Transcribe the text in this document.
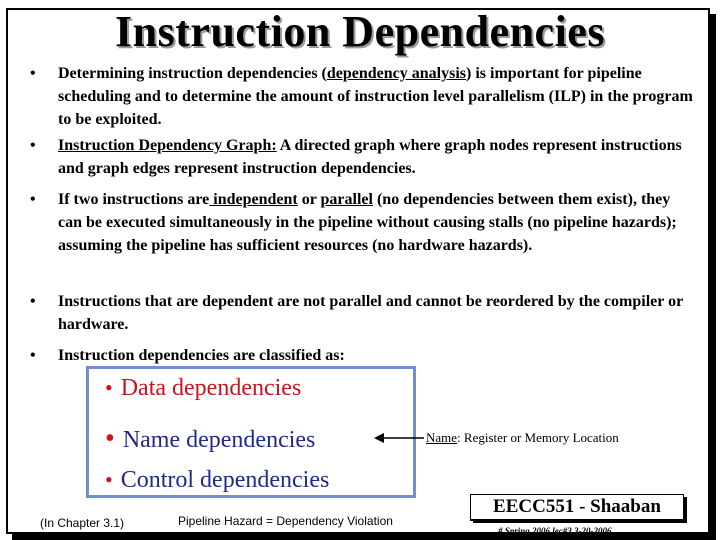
Instruction Dependencies
•	Determining instruction dependencies (dependency analysis) is important for pipeline scheduling and to determine the amount of instruction level parallelism (ILP) in the program to be exploited.
•	Instruction Dependency Graph: A directed graph where graph nodes represent instructions and graph edges represent instruction dependencies.
•	If two instructions are independent or parallel (no dependencies between them exist), they can be executed simultaneously in the pipeline without causing stalls (no pipeline hazards); assuming the pipeline has sufficient resources (no hardware hazards).
•	Instructions that are dependent are not parallel and cannot be reordered by the compiler or hardware.
•	Instruction dependencies are classified as:
• Data dependencies
• Name dependencies
• Control dependencies
Name: Register or Memory Location
(In Chapter 3.1)	Pipeline Hazard = Dependency Violation
EECC551 - Shaaban
# Spring 2006 lec#3 3-20-2006
